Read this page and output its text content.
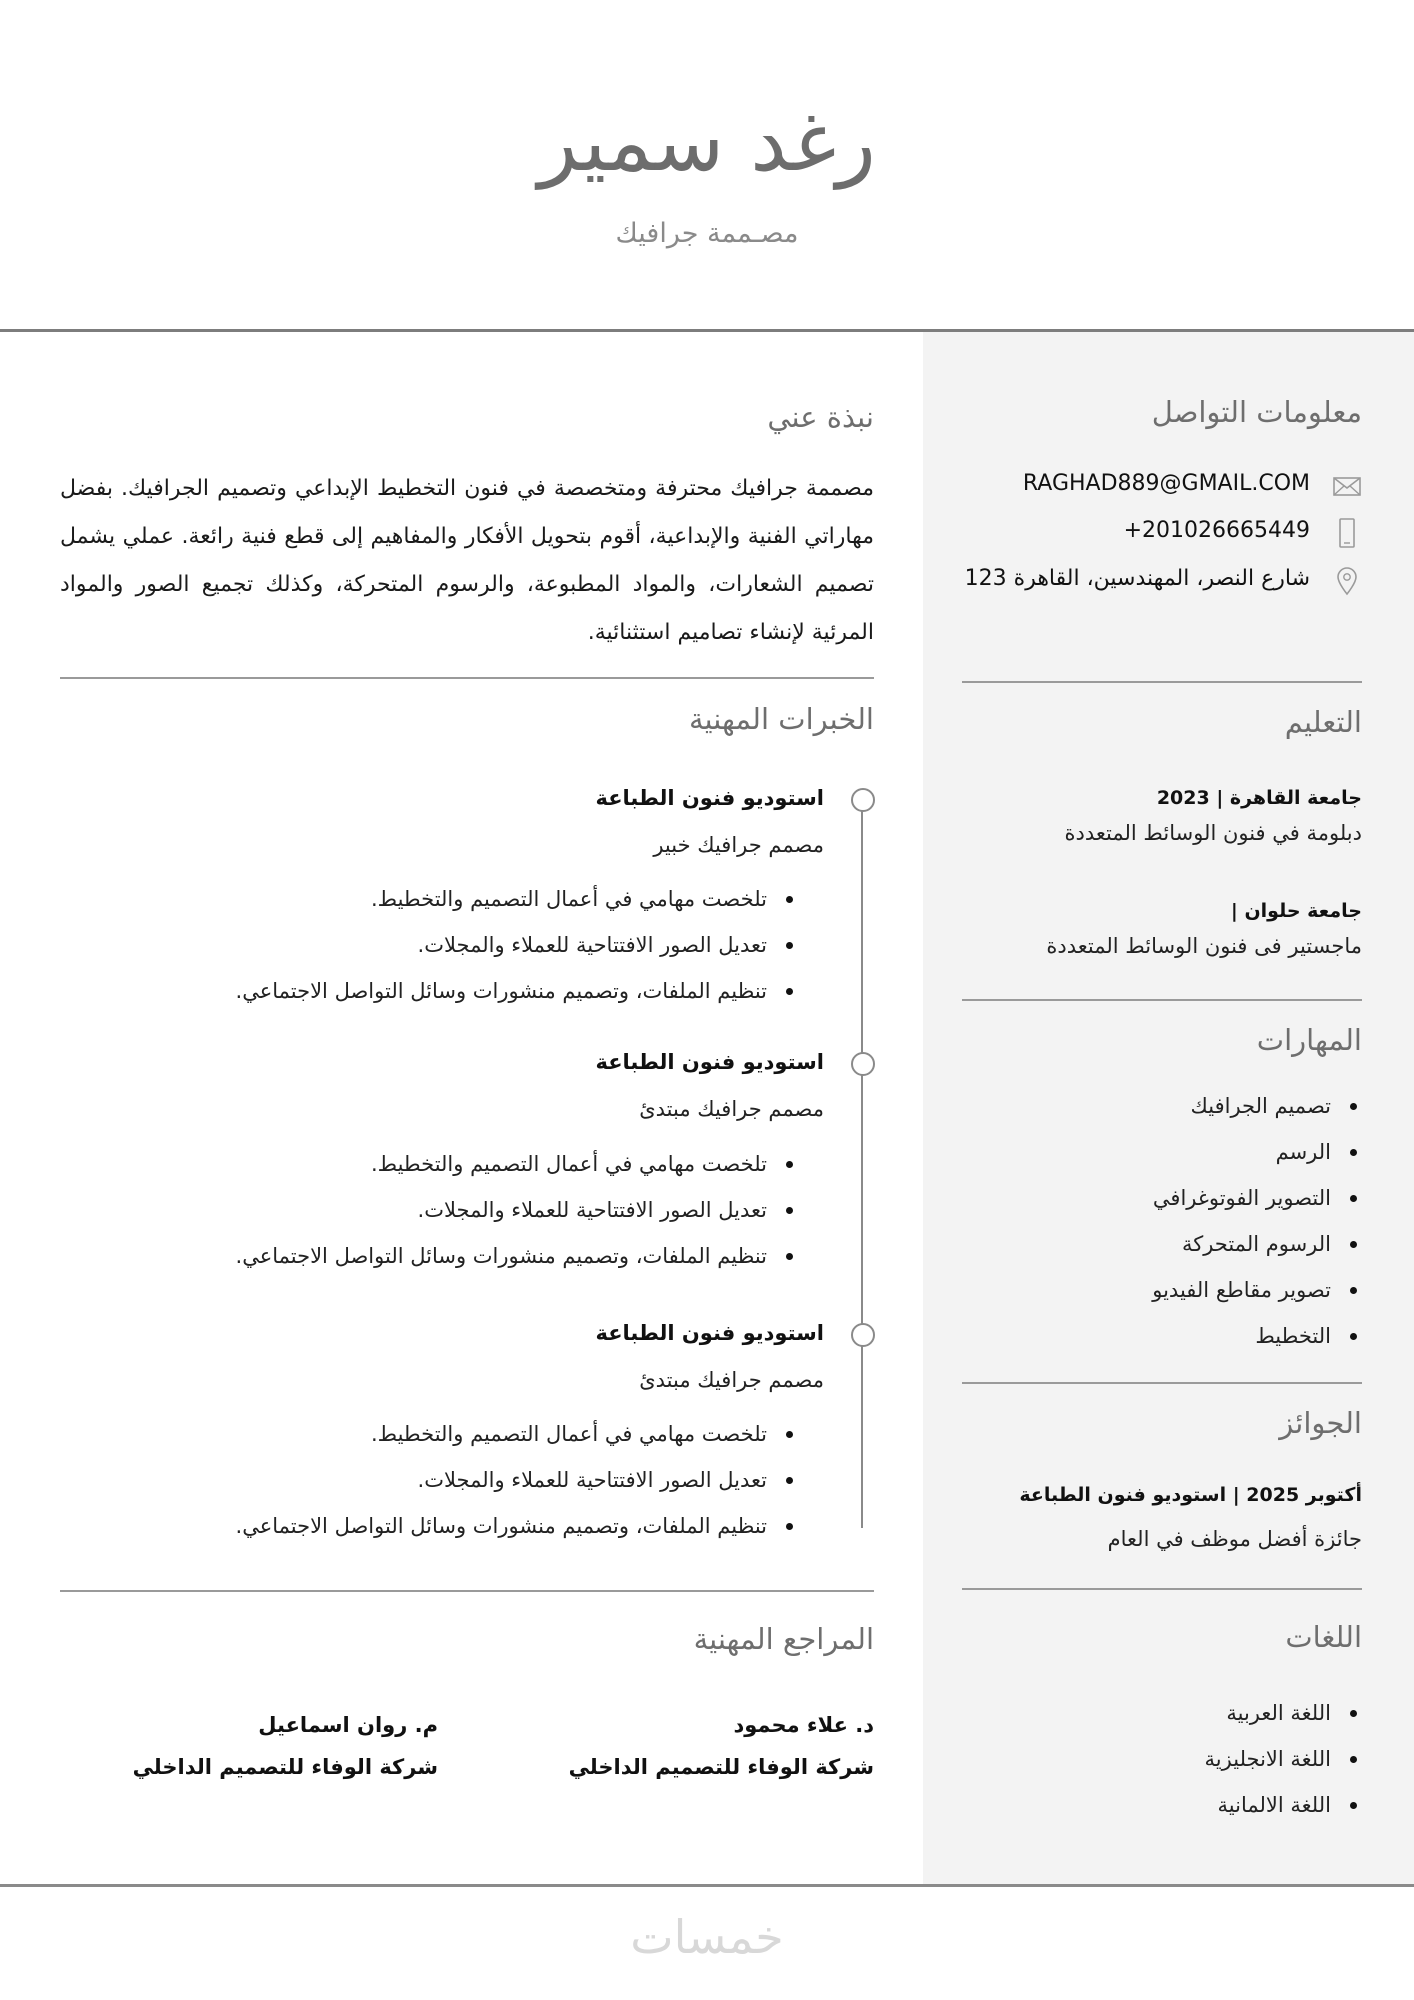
رغد سمير
مصـممة جرافيك
معلومات التواصل
RAGHAD889@GMAIL.COM
+201026665449
شارع النصر، المهندسين، القاهرة 123
التعليم
جامعة القاهرة | 2023
دبلومة في فنون الوسائط المتعددة
جامعة حلوان |
ماجستير فى فنون الوسائط المتعددة
المهارات
تصميم الجرافيك
الرسم
التصوير الفوتوغرافي
الرسوم المتحركة
تصوير مقاطع الفيديو
التخطيط
الجوائز
أكتوبر 2025 | استوديو فنون الطباعة
جائزة أفضل موظف في العام
اللغات
اللغة العربية
اللغة الانجليزية
اللغة الالمانية
نبذة عني

مصممة جرافيك محترفة ومتخصصة في فنون التخطيط الإبداعي وتصميم الجرافيك. بفضل مهاراتي الفنية والإبداعية، أقوم بتحويل الأفكار والمفاهيم إلى قطع فنية رائعة. عملي يشمل تصميم الشعارات، والمواد المطبوعة، والرسوم المتحركة، وكذلك تجميع الصور والمواد المرئية لإنشاء تصاميم استثنائية.

الخبرات المهنية
استوديو فنون الطباعة
مصمم جرافيك خبير
تلخصت مهامي في أعمال التصميم والتخطيط.
تعديل الصور الافتتاحية للعملاء والمجلات.
تنظيم الملفات، وتصميم منشورات وسائل التواصل الاجتماعي.
استوديو فنون الطباعة
مصمم جرافيك مبتدئ
تلخصت مهامي في أعمال التصميم والتخطيط.
تعديل الصور الافتتاحية للعملاء والمجلات.
تنظيم الملفات، وتصميم منشورات وسائل التواصل الاجتماعي.
استوديو فنون الطباعة
مصمم جرافيك مبتدئ
تلخصت مهامي في أعمال التصميم والتخطيط.
تعديل الصور الافتتاحية للعملاء والمجلات.
تنظيم الملفات، وتصميم منشورات وسائل التواصل الاجتماعي.
المراجع المهنية
د. علاء محمود
شركة الوفاء للتصميم الداخلي
م. روان اسماعيل
شركة الوفاء للتصميم الداخلي
خمسات
